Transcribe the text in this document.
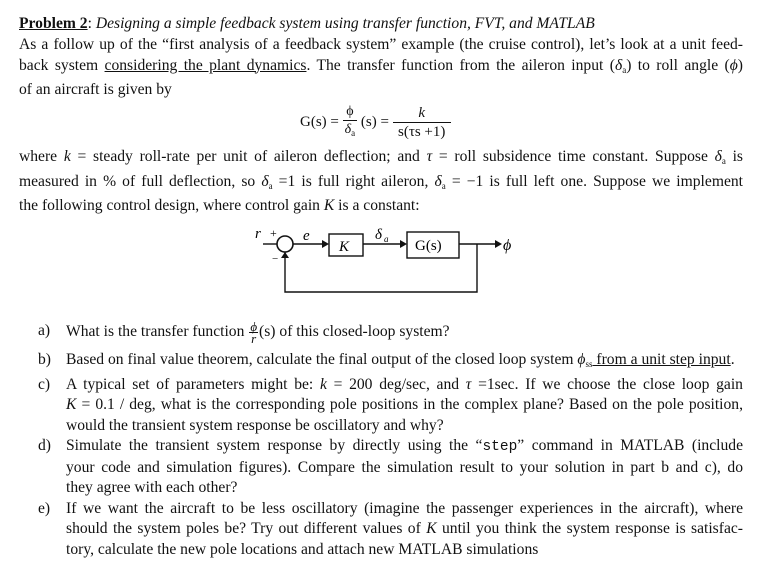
Problem 2: Designing a simple feedback system using transfer function, FVT, and MATLAB
As a follow up of the “first analysis of a feedback system” example (the cruise control), let’s look at a unit feed-
back system considering the plant dynamics. The transfer function from the aileron input $(\delta_a)$ to roll angle (ϕ)
of an aircraft is given by
$G(s) = \frac{\phi}{\delta_a} (s) = \frac{k}{s(\tau s +1)}$
where k = steady roll-rate per unit of aileron deflection; and τ = roll subsidence time constant. Suppose $\delta_a$ is
measured in % of full deflection, so $\delta_a =1$ is full right aileron, $\delta_a = -1$ is full left one. Suppose we implement
the following control design, where control gain K is a constant:
r +
−
e
K
δ a G(s)	ϕ
a) What is the transfer function $\frac{\phi}{r} (s)$ of this closed-loop system?
b) Based on final value theorem, calculate the final output of the closed loop system $\phi_{ss}$ from a unit step input.
c) A typical set of parameters might be: k = 200 deg/sec, and τ =1sec. If we choose the close loop gain
K = 0.1 / deg, what is the corresponding pole positions in the complex plane? Based on the pole position,
would the transient system response be oscillatory and why?
d) Simulate the transient system response by directly using the “step” command in MATLAB (include
your code and simulation figures). Compare the simulation result to your solution in part b and c), do
they agree with each other?
e) If we want the aircraft to be less oscillatory (imagine the passenger experiences in the aircraft), where
should the system poles be? Try out different values of K until you think the system response is satisfac-
tory, calculate the new pole locations and attach new MATLAB simulations
